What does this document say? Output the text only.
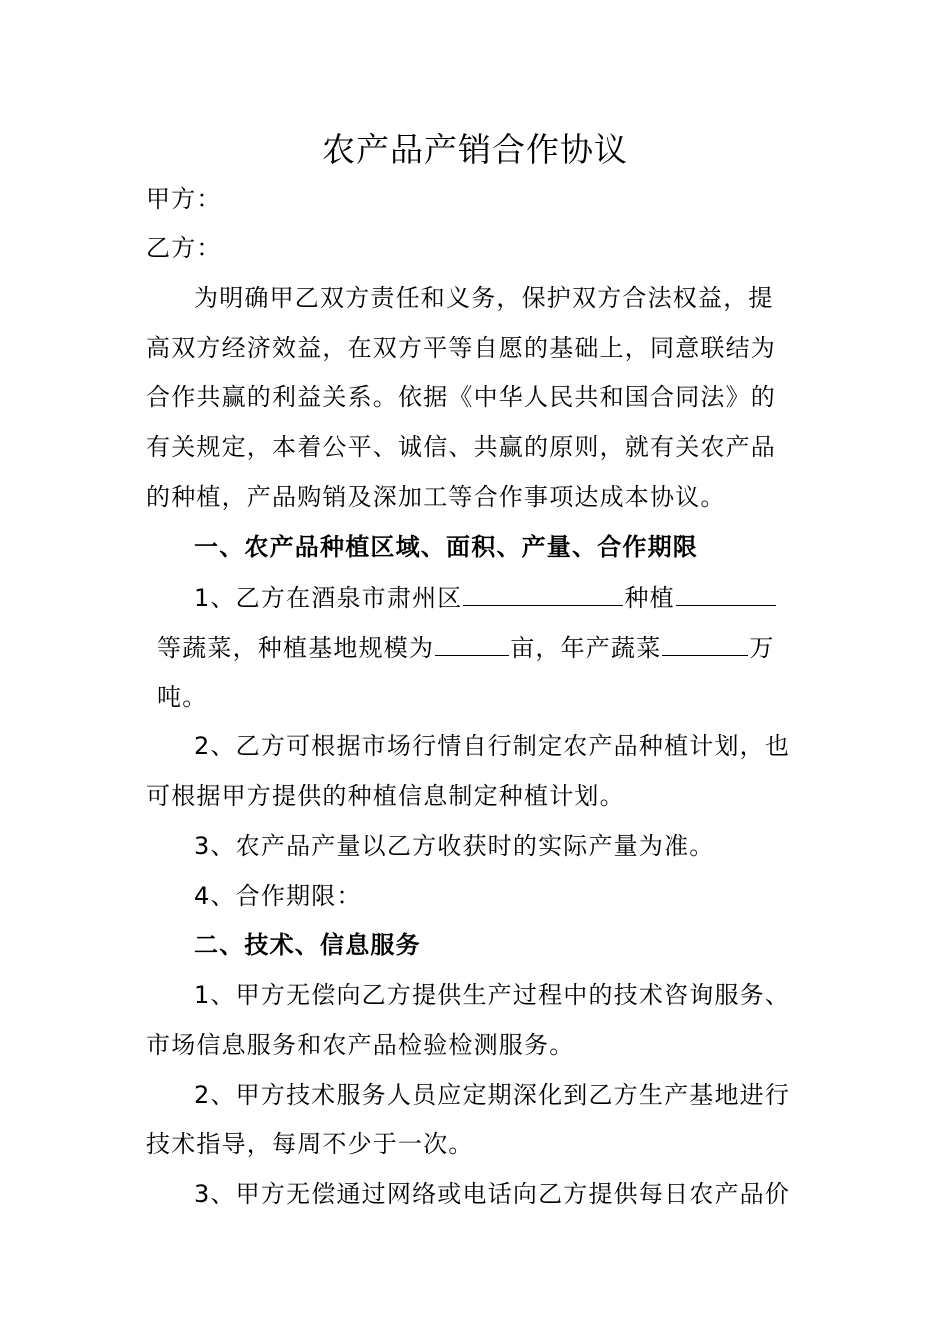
农产品产销合作协议
甲方：
乙方：
为明确甲乙双方责任和义务，保护双方合法权益，提
高双方经济效益，在双方平等自愿的基础上，同意联结为
合作共赢的利益关系。依据《中华人民共和国合同法》的
有关规定，本着公平、诚信、共赢的原则，就有关农产品
的种植，产品购销及深加工等合作事项达成本协议。
一、农产品种植区域、面积、产量、合作期限
1、乙方在酒泉市肃州区	种植
等蔬菜，种植基地规模为	亩，年产蔬菜	万
吨。
2、乙方可根据市场行情自行制定农产品种植计划，也
可根据甲方提供的种植信息制定种植计划。
3、农产品产量以乙方收获时的实际产量为准。
4、合作期限：
二、技术、信息服务
1、甲方无偿向乙方提供生产过程中的技术咨询服务、
市场信息服务和农产品检验检测服务。
2、甲方技术服务人员应定期深化到乙方生产基地进行
技术指导，每周不少于一次。
3、甲方无偿通过网络或电话向乙方提供每日农产品价
